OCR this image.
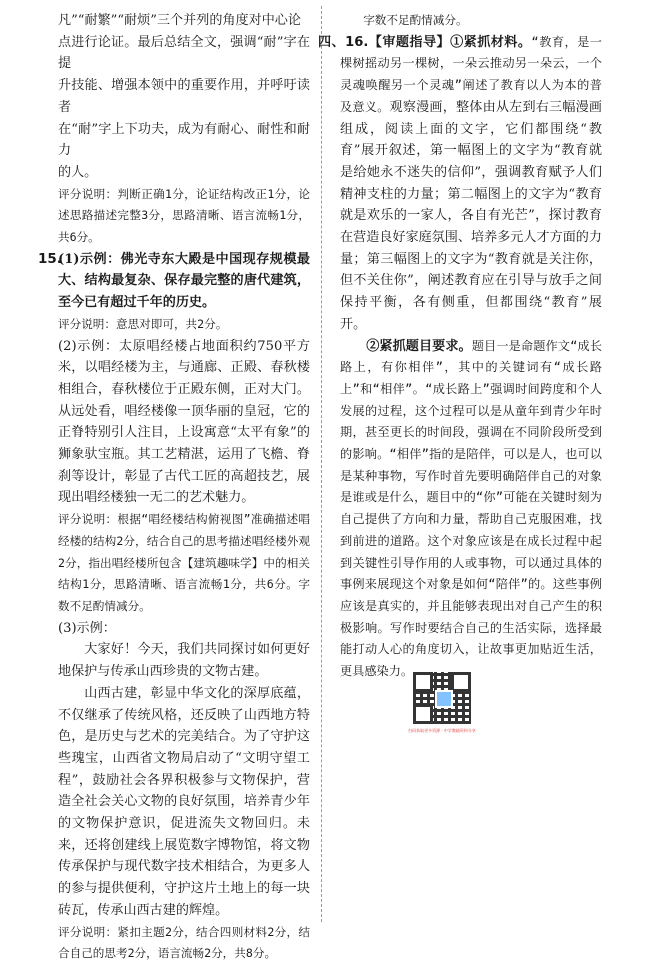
凡”“耐繁”“耐烦”三个并列的角度对中心论

点进行论证。最后总结全文，强调“耐”字在提

升技能、增强本领中的重要作用，并呼吁读者

在“耐”字上下功夫，成为有耐心、耐性和耐力

的人。

评分说明：判断正确1分，论证结构改正1分，论述思路描述完整3分，思路清晰、语言流畅1分，共6分。

15.

(1)示例：佛光寺东大殿是中国现存规模最大、结构最复杂、保存最完整的唐代建筑，至今已有超过千年的历史。

评分说明：意思对即可，共2分。

(2)示例：太原唱经楼占地面积约750平方米，以唱经楼为主，与通廊、正殿、春秋楼相组合，春秋楼位于正殿东侧，正对大门。从远处看，唱经楼像一顶华丽的皇冠，它的正脊特别引人注目，上设寓意“太平有象”的狮象驮宝瓶。其工艺精湛，运用了飞檐、脊刹等设计，彰显了古代工匠的高超技艺，展现出唱经楼独一无二的艺术魅力。

评分说明：根据“唱经楼结构俯视图”准确描述唱经楼的结构2分，结合自己的思考描述唱经楼外观2分，指出唱经楼所包含【建筑趣味学】中的相关结构1分，思路清晰、语言流畅1分，共6分。字数不足酌情减分。

(3)示例：

大家好！今天，我们共同探讨如何更好地保护与传承山西珍贵的文物古建。

山西古建，彰显中华文化的深厚底蕴，不仅继承了传统风格，还反映了山西地方特色，是历史与艺术的完美结合。为了守护这些瑰宝，山西省文物局启动了“文明守望工程”，鼓励社会各界积极参与文物保护，营造全社会关心文物的良好氛围，培养青少年的文物保护意识，促进流失文物回归。未来，还将创建线上展览数字博物馆，将文物传承保护与现代数字技术相结合，为更多人的参与提供便利，守护这片土地上的每一块砖瓦，传承山西古建的辉煌。

评分说明：紧扣主题2分，结合四则材料2分，结合自己的思考2分，语言流畅2分，共8分。

字数不足酌情减分。

四、16.【审题指导】①紧抓材料。“教育，是一棵树摇动另一棵树，一朵云推动另一朵云，一个灵魂唤醒另一个灵魂”阐述了教育以人为本的普及意义。观察漫画，整体由从左到右三幅漫画组成，阅读上面的文字，它们都围绕“教育”展开叙述，第一幅图上的文字为“教育就是给她永不迷失的信仰”，强调教育赋予人们精神支柱的力量；第二幅图上的文字为“教育就是欢乐的一家人，各自有光芒”，探讨教育在营造良好家庭氛围、培养多元人才方面的力量；第三幅图上的文字为“教育就是关注你，但不关住你”，阐述教育应在引导与放手之间保持平衡，各有侧重，但都围绕“教育”展开。

②紧抓题目要求。题目一是命题作文“成长路上，有你相伴”，其中的关键词有“成长路上”和“相伴”。“成长路上”强调时间跨度和个人发展的过程，这个过程可以是从童年到青少年时期，甚至更长的时间段，强调在不同阶段所受到的影响。“相伴”指的是陪伴，可以是人，也可以是某种事物，写作时首先要明确陪伴自己的对象是谁或是什么，题目中的“你”可能在关键时刻为自己提供了方向和力量，帮助自己克服困难，找到前进的道路。这个对象应该是在成长过程中起到关键性引导作用的人或事物，可以通过具体的事例来展现这个对象是如何“陪伴”的。这些事例应该是真实的，并且能够表现出对自己产生的积极影响。写作时要结合自己的生活实际，选择最能打动人心的角度切入，让故事更加贴近生活，更具感染力。

扫码获取更多资源 · 中学教辅资料分享
